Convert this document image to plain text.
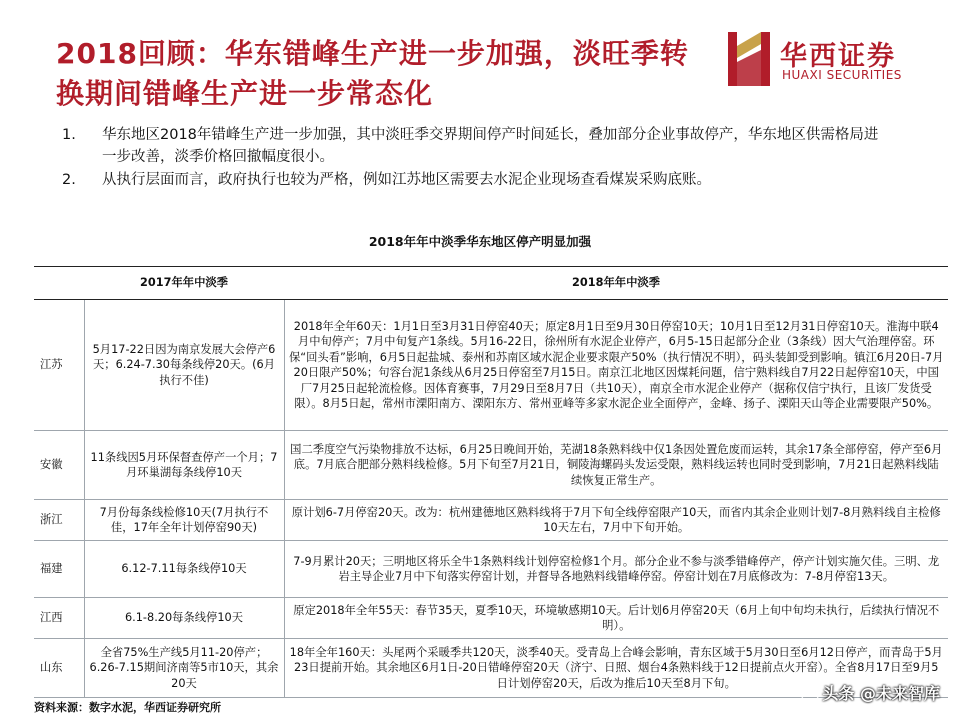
2018回顾：华东错峰生产进一步加强，淡旺季转换期间错峰生产进一步常态化
华西证券
HUAXI SECURITIES
1.	华东地区2018年错峰生产进一步加强，其中淡旺季交界期间停产时间延长，叠加部分企业事故停产，华东地区供需格局进一步改善，淡季价格回撤幅度很小。
2.	从执行层面而言，政府执行也较为严格，例如江苏地区需要去水泥企业现场查看煤炭采购底账。
2018年年中淡季华东地区停产明显加强
	2017年年中淡季	2018年年中淡季
江苏	5月17-22日因为南京发展大会停产6天；6.24-7.30每条线停20天。(6月执行不佳)	2018年全年60天：1月1日至3月31日停窑40天；原定8月1日至9月30日停窑10天；10月1日至12月31日停窑10天。淮海中联4月中旬停产；7月中旬复产1条线。5月16-22日，徐州所有水泥企业停产，6月5-15日起部分企业（3条线）因大气治理停窑。环保“回头看”影响，6月5日起盐城、泰州和苏南区域水泥企业要求限产50%（执行情况不明），码头装卸受到影响。镇江6月20日-7月20日限产50%；句容台泥1条线从6月25日停窑至7月15日。南京江北地区因煤耗问题，信宁熟料线自7月22日起停窑10天，中国厂7月25日起轮流检修。因体育赛事，7月29日至8月7日（共10天），南京全市水泥企业停产（据称仅信宁执行，且该厂发货受限）。8月5日起，常州市溧阳南方、溧阳东方、常州亚峰等多家水泥企业全面停产，金峰、扬子、溧阳天山等企业需要限产50%。
安徽	11条线因5月环保督查停产一个月；7月环巢湖每条线停10天	国二季度空气污染物排放不达标，6月25日晚间开始，芜湖18条熟料线中仅1条因处置危废而运转，其余17条全部停窑，停产至6月底。7月底合肥部分熟料线检修。5月下旬至7月21日，铜陵海螺码头发运受限，熟料线运转也同时受到影响，7月21日起熟料线陆续恢复正常生产。
浙江	7月份每条线检修10天(7月执行不佳，17年全年计划停窑90天)	原计划6-7月停窑20天。改为：杭州建德地区熟料线将于7月下旬全线停窑限产10天，而省内其余企业则计划7-8月熟料线自主检修10天左右，7月中下旬开始。
福建	6.12-7.11每条线停10天	7-9月累计20天；三明地区将乐全牛1条熟料线计划停窑检修1个月。部分企业不参与淡季错峰停产，停产计划实施欠佳。三明、龙岩主导企业7月中下旬落实停窑计划，并督导各地熟料线错峰停窑。停窑计划在7月底修改为：7-8月停窑13天。
江西	6.1-8.20每条线停10天	原定2018年全年55天：春节35天，夏季10天，环境敏感期10天。后计划6月停窑20天（6月上旬中旬均未执行，后续执行情况不明）。
山东	全省75%生产线5月11-20停产；6.26-7.15期间济南等5市10天，其余20天	18年全年160天：头尾两个采暖季共120天，淡季40天。受青岛上合峰会影响，青东区域于5月30日至6月12日停产，而青岛于5月23日提前开始。其余地区6月1日-20日错峰停窑20天（济宁、日照、烟台4条熟料线于12日提前点火开窑）。全省8月17日至9月5日计划停窑20天，后改为推后10天至8月下旬。
资料来源：数字水泥，华西证券研究所
头条 @未来智库
